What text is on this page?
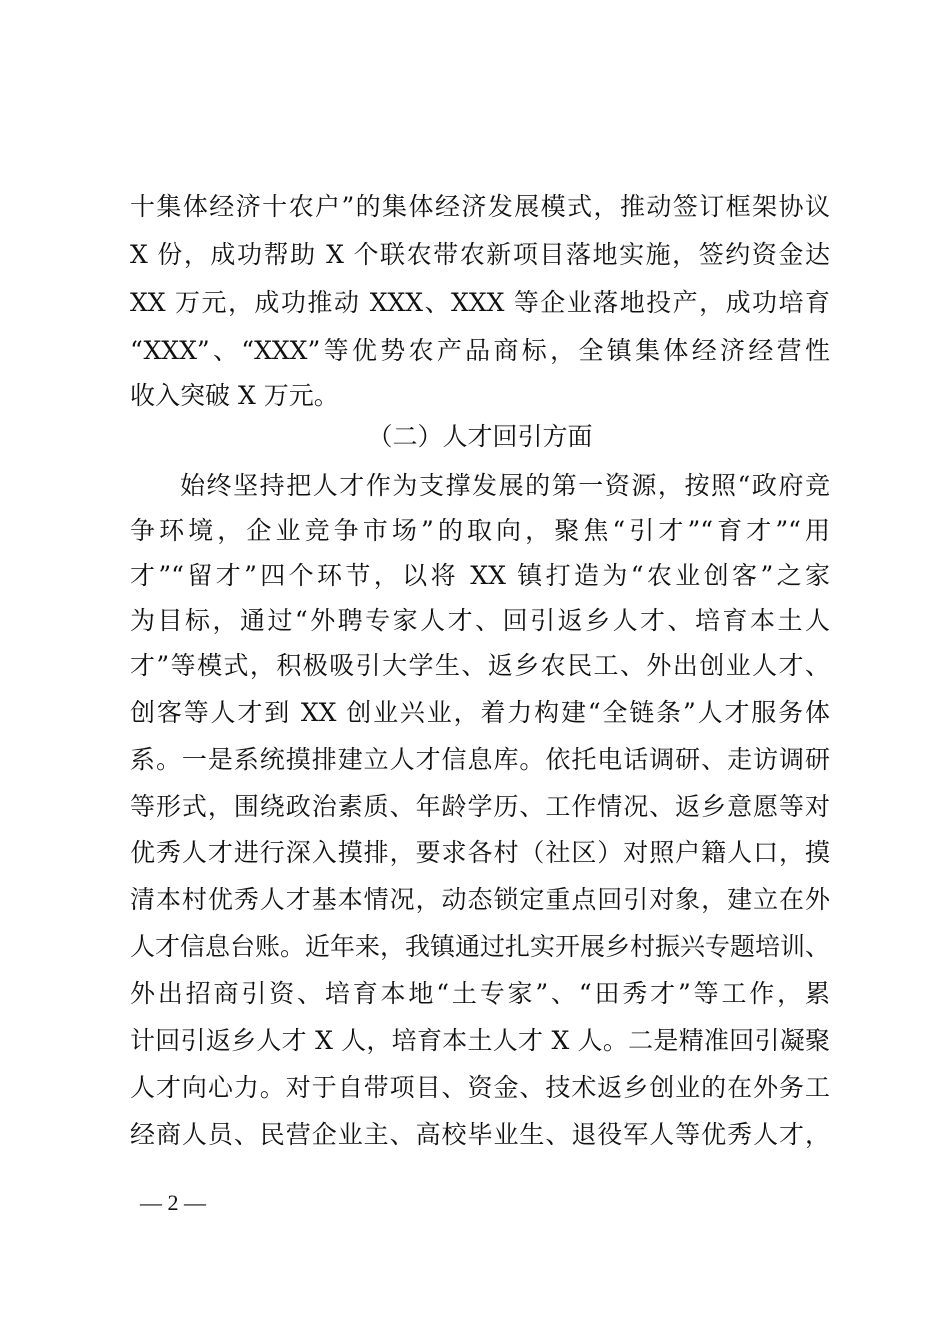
十集体经济十农户”的集体经济发展模式，推动签订框架协议
X 份，成功帮助 X 个联农带农新项目落地实施，签约资金达
XX 万元，成功推动 XXX、XXX 等企业落地投产，成功培育
“XXX”、“XXX”等优势农产品商标，全镇集体经济经营性
收入突破 X 万元。
（二）人才回引方面
始终坚持把人才作为支撑发展的第一资源，按照“政府竞
争环境，企业竞争市场”的取向，聚焦“引才”“育才”“用
才”“留才”四个环节，以将 XX 镇打造为“农业创客”之家
为目标，通过“外聘专家人才、回引返乡人才、培育本土人
才”等模式，积极吸引大学生、返乡农民工、外出创业人才、
创客等人才到 XX 创业兴业，着力构建“全链条”人才服务体
系。一是系统摸排建立人才信息库。依托电话调研、走访调研
等形式，围绕政治素质、年龄学历、工作情况、返乡意愿等对
优秀人才进行深入摸排，要求各村（社区）对照户籍人口，摸
清本村优秀人才基本情况，动态锁定重点回引对象，建立在外
人才信息台账。近年来，我镇通过扎实开展乡村振兴专题培训、
外出招商引资、培育本地“土专家”、“田秀才”等工作，累
计回引返乡人才 X 人，培育本土人才 X 人。二是精准回引凝聚
人才向心力。对于自带项目、资金、技术返乡创业的在外务工
经商人员、民营企业主、高校毕业生、退役军人等优秀人才，
— 2 —
